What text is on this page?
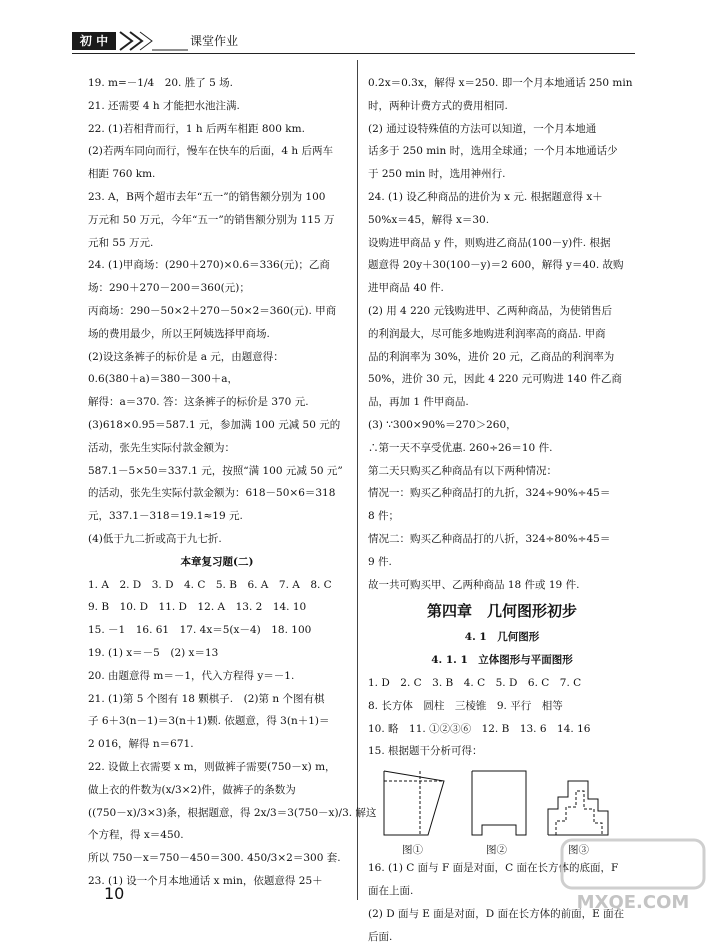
初 中	课堂作业
19. m=－1/4　20. 胜了 5 场.
21. 还需要 4 h 才能把水池注满.
22. (1)若相背而行，1 h 后两车相距 800 km.
(2)若两车同向而行，慢车在快车的后面，4 h 后两车
相距 760 km.
23. A，B两个超市去年“五一”的销售额分别为 100
万元和 50 万元，今年“五一”的销售额分别为 115 万
元和 55 万元.
24. (1)甲商场：(290＋270)×0.6＝336(元)；乙商
场：290＋270－200＝360(元)；
丙商场：290－50×2＋270－50×2＝360(元). 甲商
场的费用最少，所以王阿姨选择甲商场.
(2)设这条裤子的标价是 a 元，由题意得：
0.6(380＋a)＝380－300＋a，
解得：a＝370. 答：这条裤子的标价是 370 元.
(3)618×0.95＝587.1 元，参加满 100 元减 50 元的
活动，张先生实际付款金额为：
587.1－5×50＝337.1 元，按照“满 100 元减 50 元”
的活动，张先生实际付款金额为：618－50×6＝318
元，337.1－318＝19.1≈19 元.
(4)低于九二折或高于九七折.
本章复习题(二)
1. A　2. D　3. D　4. C　5. B　6. A　7. A　8. C
9. B　10. D　11. D　12. A　13. 2　14. 10
15. －1　16. 61　17. 4x＝5(x－4)　18. 100
19. (1) x＝－5　(2) x＝13
20. 由题意得 m＝－1，代入方程得 y＝－1.
21. (1)第 5 个图有 18 颗棋子.　(2)第 n 个图有棋
子 6＋3(n－1)＝3(n＋1)颗. 依题意，得 3(n＋1)＝
2 016，解得 n＝671.
22. 设做上衣需要 x m，则做裤子需要(750－x) m，
做上衣的件数为(x/3×2)件，做裤子的条数为
((750－x)/3×3)条，根据题意，得 2x/3＝3(750－x)/3. 解这
个方程，得 x＝450.
所以 750－x＝750－450＝300. 450/3×2＝300 套.
23. (1) 设一个月本地通话 x min，依题意得 25＋
0.2x＝0.3x，解得 x＝250. 即一个月本地通话 250 min
时，两种计费方式的费用相同.
(2) 通过设特殊值的方法可以知道，一个月本地通
话多于 250 min 时，选用全球通；一个月本地通话少
于 250 min 时，选用神州行.
24. (1) 设乙种商品的进价为 x 元. 根据题意得 x＋
50%x＝45，解得 x＝30.
设购进甲商品 y 件，则购进乙商品(100－y)件. 根据
题意得 20y＋30(100－y)＝2 600，解得 y＝40. 故购
进甲商品 40 件.
(2) 用 4 220 元钱购进甲、乙两种商品，为使销售后
的利润最大，尽可能多地购进利润率高的商品. 甲商
品的利润率为 30%，进价 20 元，乙商品的利润率为
50%，进价 30 元，因此 4 220 元可购进 140 件乙商
品，再加 1 件甲商品.
(3) ∵300×90%＝270＞260，
∴第一天不享受优惠. 260÷26＝10 件.
第二天只购买乙种商品有以下两种情况：
情况一：购买乙种商品打的九折，324÷90%÷45＝
8 件；
情况二：购买乙种商品打的八折，324÷80%÷45＝
9 件.
故一共可购买甲、乙两种商品 18 件或 19 件.
第四章　几何图形初步
4. 1　几何图形
4. 1. 1　立体图形与平面图形
1. D　2. C　3. B　4. C　5. D　6. C　7. C
8. 长方体　圆柱　三棱锥　9. 平行　相等
10. 略　11. ①②③⑥　12. B　13. 6　14. 16
15. 根据题干分析可得：
图①	图②	图③
16. (1) C 面与 F 面是对面，C 面在长方体的底面，F
面在上面.
(2) D 面与 E 面是对面，D 面在长方体的前面，E 面在
后面.
10	MXQE.COM
